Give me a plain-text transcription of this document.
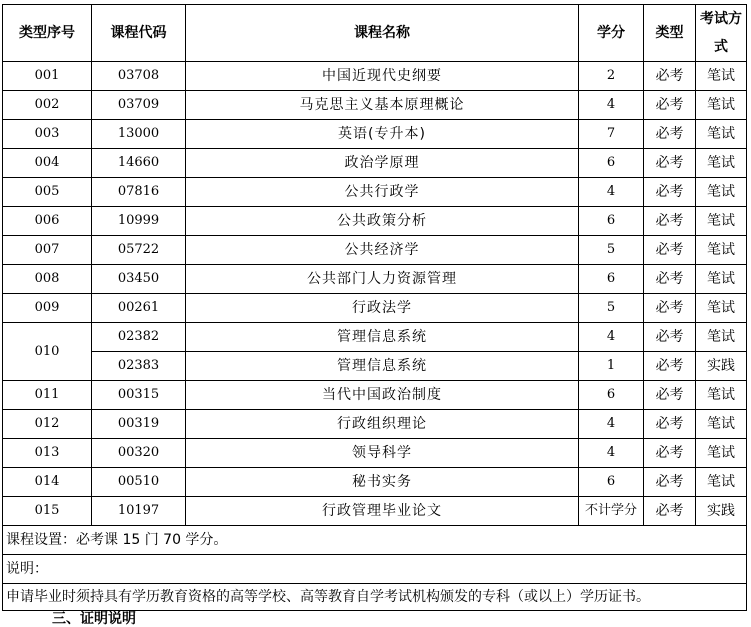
类型序号	课程代码	课程名称	学分	类型	考试方式
001	03708	中国近现代史纲要	2	必考	笔试
002	03709	马克思主义基本原理概论	4	必考	笔试
003	13000	英语(专升本)	7	必考	笔试
004	14660	政治学原理	6	必考	笔试
005	07816	公共行政学	4	必考	笔试
006	10999	公共政策分析	6	必考	笔试
007	05722	公共经济学	5	必考	笔试
008	03450	公共部门人力资源管理	6	必考	笔试
009	00261	行政法学	5	必考	笔试
010	02382	管理信息系统	4	必考	笔试
	02383	管理信息系统	1	必考	实践
011	00315	当代中国政治制度	6	必考	笔试
012	00319	行政组织理论	4	必考	笔试
013	00320	领导科学	4	必考	笔试
014	00510	秘书实务	6	必考	笔试
015	10197	行政管理毕业论文	不计学分	必考	实践
课程设置：必考课 15 门 70 学分。					
说明：					
申请毕业时须持具有学历教育资格的高等学校、高等教育自学考试机构颁发的专科（或以上）学历证书。					
三、证明说明
